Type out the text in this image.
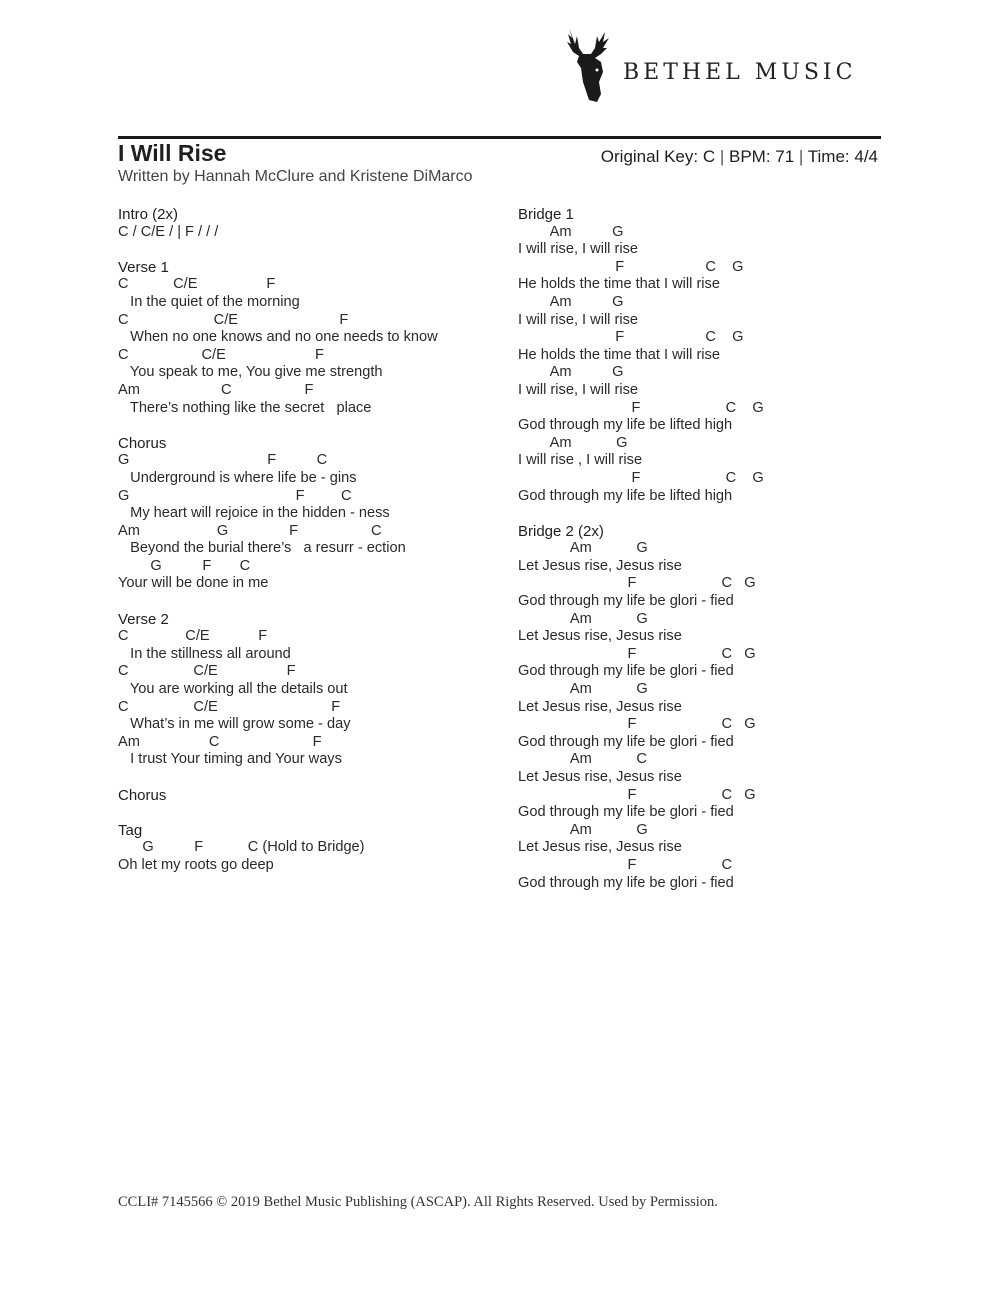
BETHEL MUSIC
I Will Rise	Original Key: C | BPM: 71 | Time: 4/4
Written by Hannah McClure and Kristene DiMarco
Intro (2x)
C / C/E / | F / / /
Verse 1
C           C/E                 F
In the quiet of the morning
C                     C/E                         F
When no one knows and no one needs to know
C                  C/E                      F
You speak to me, You give me strength
Am                    C                  F
There’s nothing like the secret   place
Chorus
G                                  F          C
Underground is where life be - gins
G                                         F         C
My heart will rejoice in the hidden - ness
Am                   G               F                  C
Beyond the burial there’s   a resurr - ection
G          F       C
Your will be done in me
Verse 2
C              C/E            F
In the stillness all around
C                C/E                 F
You are working all the details out
C                C/E                            F
What’s in me will grow some - day
Am                 C                       F
I trust Your timing and Your ways
Chorus
Tag
G          F           C (Hold to Bridge)
Oh let my roots go deep
Bridge 1
Am          G
I will rise, I will rise
F                    C    G
He holds the time that I will rise
Am          G
I will rise, I will rise
F                    C    G
He holds the time that I will rise
Am          G
I will rise, I will rise
F                     C    G
God through my life be lifted high
Am           G
I will rise , I will rise
F                     C    G
God through my life be lifted high
Bridge 2 (2x)
Am           G
Let Jesus rise, Jesus rise
F                     C   G
God through my life be glori - fied
Am           G
Let Jesus rise, Jesus rise
F                     C   G
God through my life be glori - fied
Am           G
Let Jesus rise, Jesus rise
F                     C   G
God through my life be glori - fied
Am           C
Let Jesus rise, Jesus rise
F                     C   G
God through my life be glori - fied
Am           G
Let Jesus rise, Jesus rise
F                     C
God through my life be glori - fied
CCLI# 7145566 © 2019 Bethel Music Publishing (ASCAP). All Rights Reserved. Used by Permission.
